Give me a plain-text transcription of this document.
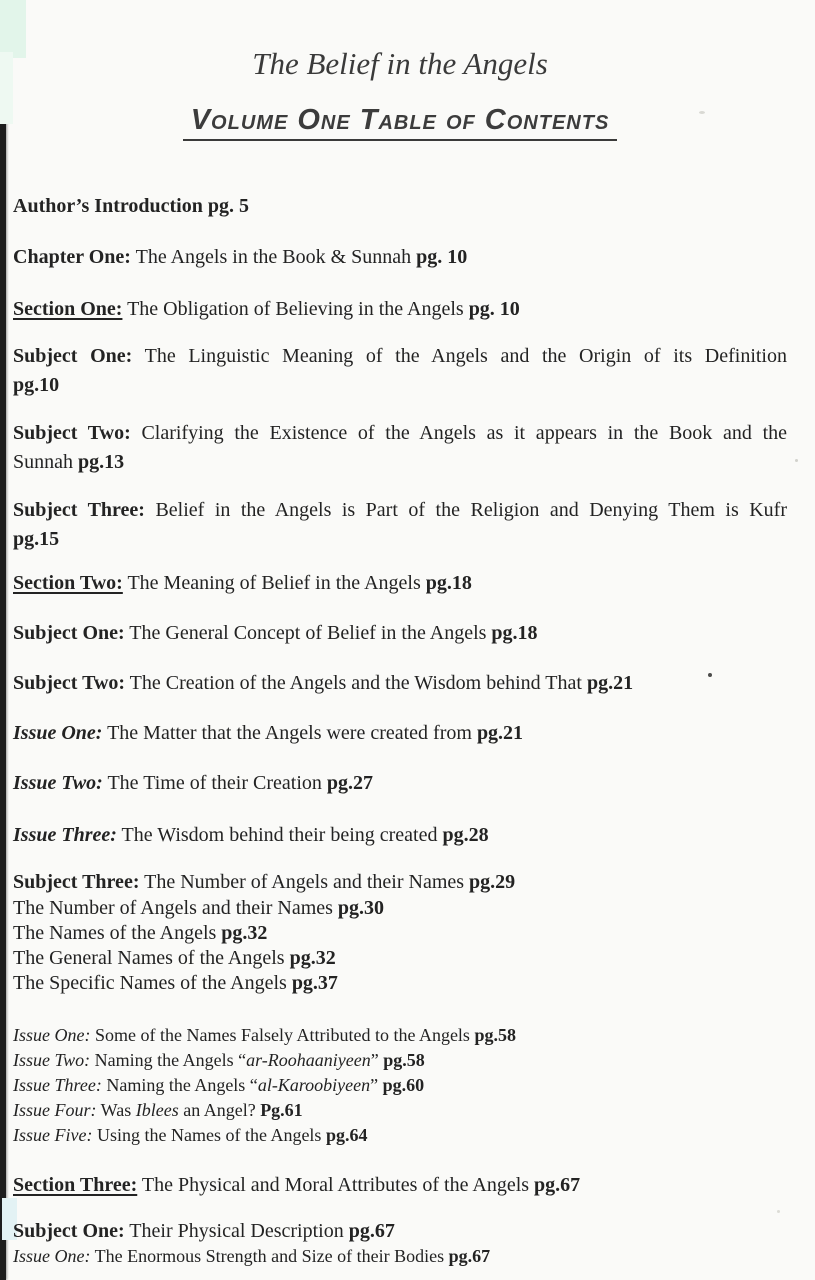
The Belief in the Angels
Volume One Table of Contents
Author’s Introduction pg. 5
Chapter One: The Angels in the Book & Sunnah pg. 10
Section One: The Obligation of Believing in the Angels pg. 10
Subject One: The Linguistic Meaning of the Angels and the Origin of its Definition
pg.10
Subject Two: Clarifying the Existence of the Angels as it appears in the Book and the
Sunnah pg.13
Subject Three: Belief in the Angels is Part of the Religion and Denying Them is Kufr
pg.15
Section Two: The Meaning of Belief in the Angels pg.18
Subject One: The General Concept of Belief in the Angels pg.18
Subject Two: The Creation of the Angels and the Wisdom behind That pg.21
Issue One: The Matter that the Angels were created from pg.21
Issue Two: The Time of their Creation pg.27
Issue Three: The Wisdom behind their being created pg.28
Subject Three: The Number of Angels and their Names pg.29
The Number of Angels and their Names pg.30
The Names of the Angels pg.32
The General Names of the Angels pg.32
The Specific Names of the Angels pg.37
Issue One: Some of the Names Falsely Attributed to the Angels pg.58
Issue Two: Naming the Angels “ar-Roohaaniyeen” pg.58
Issue Three: Naming the Angels “al-Karoobiyeen” pg.60
Issue Four: Was Iblees an Angel? Pg.61
Issue Five: Using the Names of the Angels pg.64
Section Three: The Physical and Moral Attributes of the Angels pg.67
Subject One: Their Physical Description pg.67
Issue One: The Enormous Strength and Size of their Bodies pg.67
